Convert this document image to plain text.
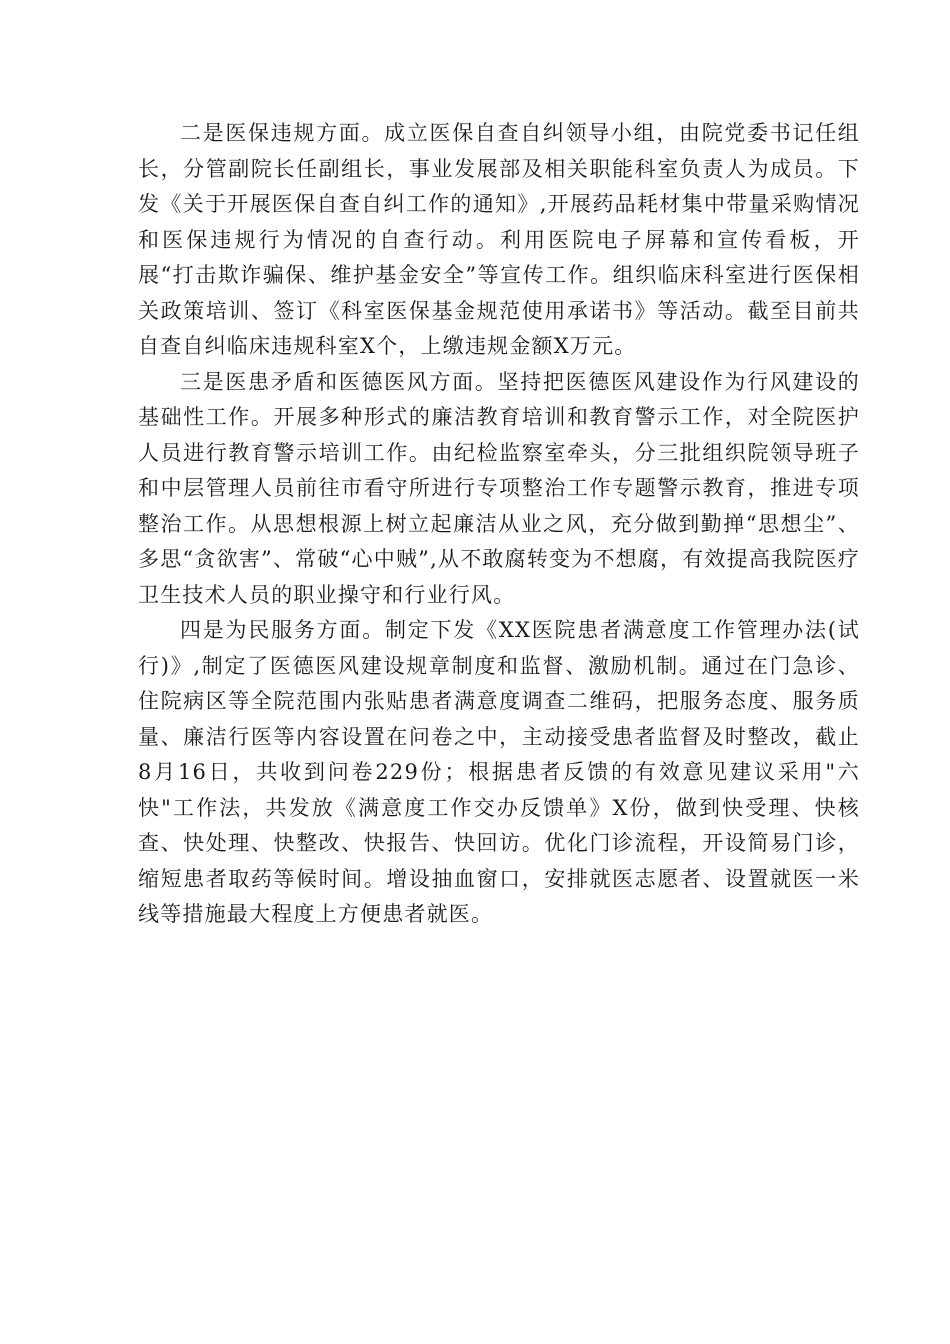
二是医保违规方面。成立医保自查自纠领导小组，由院党委书记任组长，分管副院长任副组长，事业发展部及相关职能科室负责人为成员。下发《关于开展医保自查自纠工作的通知》,开展药品耗材集中带量采购情况和医保违规行为情况的自查行动。利用医院电子屏幕和宣传看板，开展“打击欺诈骗保、维护基金安全”等宣传工作。组织临床科室进行医保相关政策培训、签订《科室医保基金规范使用承诺书》等活动。截至目前共自查自纠临床违规科室X个，上缴违规金额X万元。

三是医患矛盾和医德医风方面。坚持把医德医风建设作为行风建设的基础性工作。开展多种形式的廉洁教育培训和教育警示工作，对全院医护人员进行教育警示培训工作。由纪检监察室牵头，分三批组织院领导班子和中层管理人员前往市看守所进行专项整治工作专题警示教育，推进专项整治工作。从思想根源上树立起廉洁从业之风，充分做到勤掸“思想尘”、多思“贪欲害”、常破“心中贼”,从不敢腐转变为不想腐，有效提高我院医疗卫生技术人员的职业操守和行业行风。

四是为民服务方面。制定下发《XX医院患者满意度工作管理办法(试行)》,制定了医德医风建设规章制度和监督、激励机制。通过在门急诊、住院病区等全院范围内张贴患者满意度调查二维码，把服务态度、服务质量、廉洁行医等内容设置在问卷之中，主动接受患者监督及时整改，截止8月16日，共收到问卷229份；根据患者反馈的有效意见建议采用"六快"工作法，共发放《满意度工作交办反馈单》X份，做到快受理、快核查、快处理、快整改、快报告、快回访。优化门诊流程，开设简易门诊，缩短患者取药等候时间。增设抽血窗口，安排就医志愿者、设置就医一米线等措施最大程度上方便患者就医。
